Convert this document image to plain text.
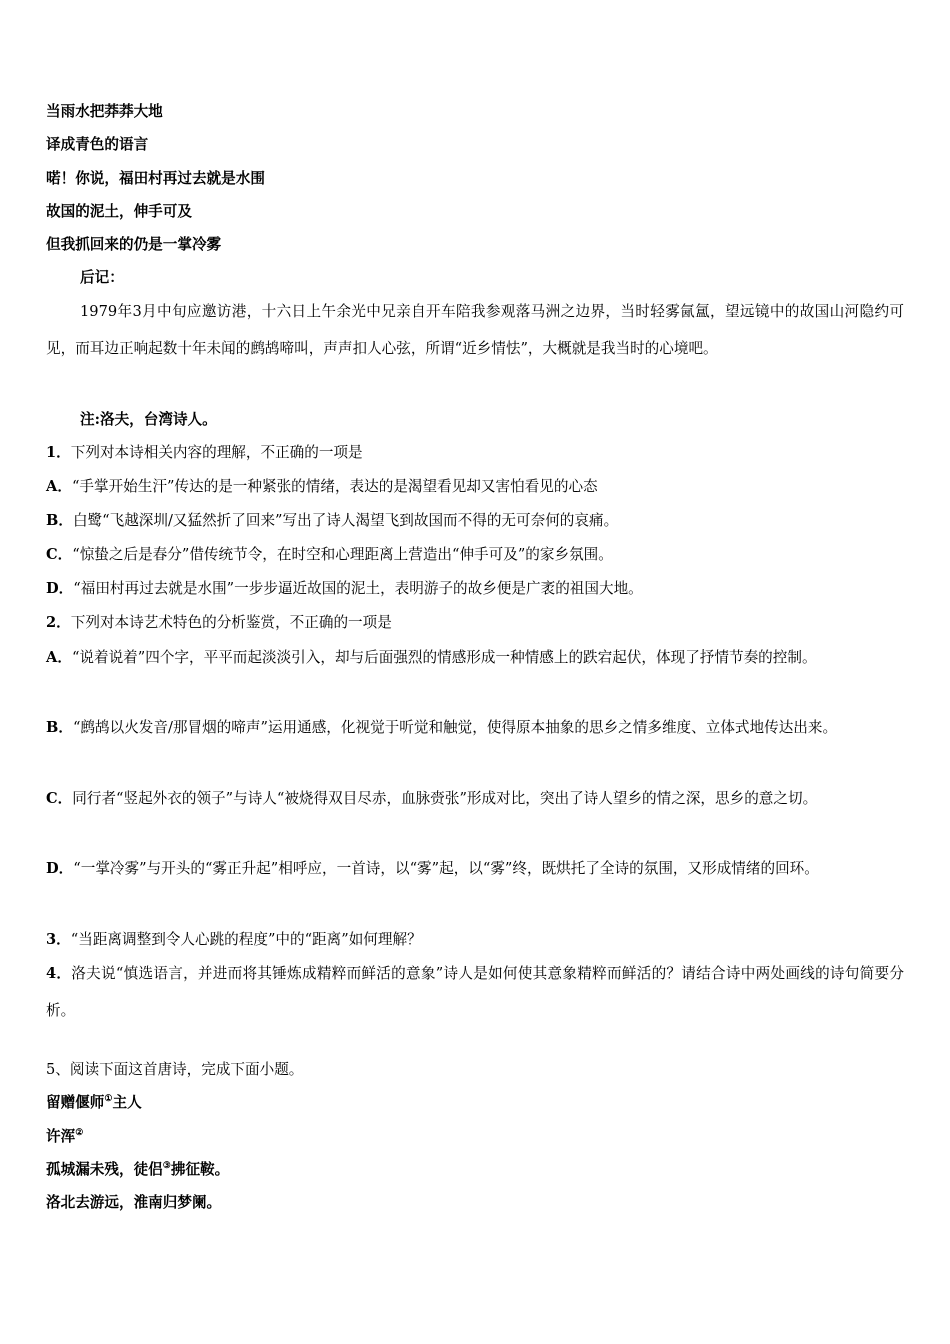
当雨水把莽莽大地
译成青色的语言
喏！你说，福田村再过去就是水围
故国的泥土，伸手可及
但我抓回来的仍是一掌冷雾
后记：
1979年3月中旬应邀访港，十六日上午余光中兄亲自开车陪我参观落马洲之边界，当时轻雾氤氲，望远镜中的故国山河隐约可见，而耳边正响起数十年未闻的鹧鸪啼叫，声声扣人心弦，所谓“近乡情怯”，大概就是我当时的心境吧。
注:洛夫，台湾诗人。
1．下列对本诗相关内容的理解，不正确的一项是
A．“手掌开始生汗”传达的是一种紧张的情绪，表达的是渴望看见却又害怕看见的心态
B．白鹭“飞越深圳/又猛然折了回来”写出了诗人渴望飞到故国而不得的无可奈何的哀痛。
C．“惊蛰之后是春分”借传统节令，在时空和心理距离上营造出“伸手可及”的家乡氛围。
D．“福田村再过去就是水围”一步步逼近故国的泥土，表明游子的故乡便是广袤的祖国大地。
2．下列对本诗艺术特色的分析鉴赏，不正确的一项是
A．“说着说着”四个字，平平而起淡淡引入，却与后面强烈的情感形成一种情感上的跌宕起伏，体现了抒情节奏的控制。
B．“鹧鸪以火发音/那冒烟的啼声”运用通感，化视觉于听觉和触觉，使得原本抽象的思乡之情多维度、立体式地传达出来。
C．同行者“竖起外衣的领子”与诗人“被烧得双目尽赤，血脉赍张”形成对比，突出了诗人望乡的情之深，思乡的意之切。
D．“一掌冷雾”与开头的“雾正升起”相呼应，一首诗，以“雾”起，以“雾”终，既烘托了全诗的氛围，又形成情绪的回环。
3．“当距离调整到令人心跳的程度”中的“距离”如何理解？
4．洛夫说“慎选语言，并进而将其锤炼成精粹而鲜活的意象”诗人是如何使其意象精粹而鲜活的？请结合诗中两处画线的诗句简要分析。
5、阅读下面这首唐诗，完成下面小题。
留赠偃师①主人
许浑②
孤城漏未残，徒侣③拂征鞍。
洛北去游远，淮南归梦阑。
